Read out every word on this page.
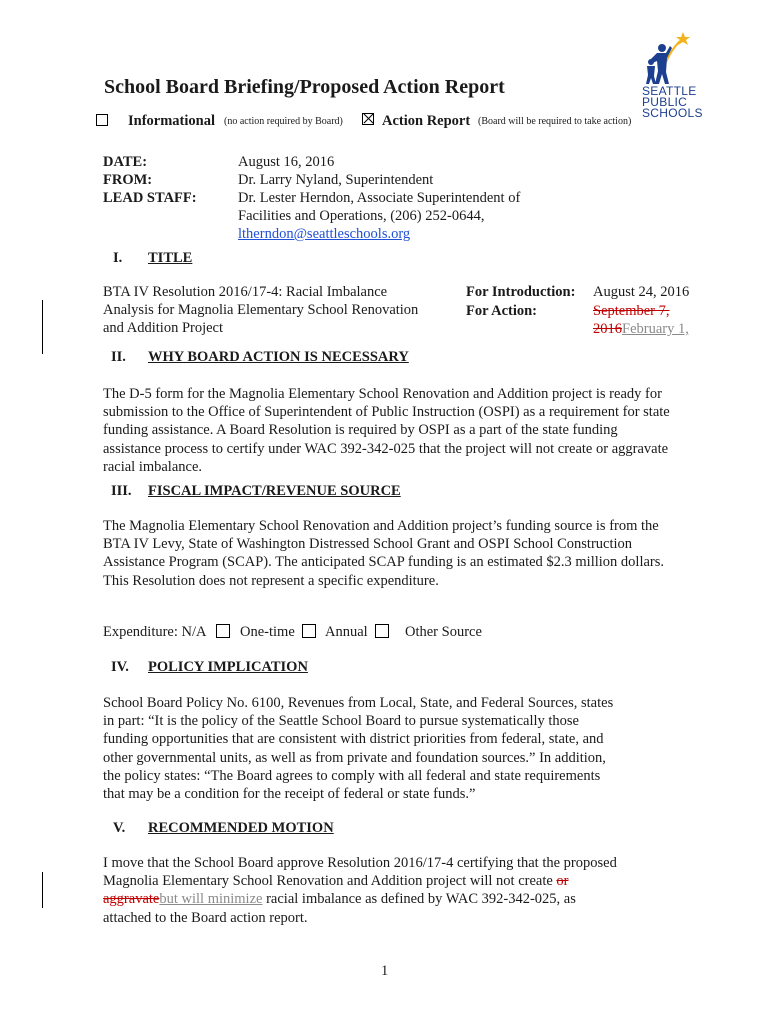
SEATTLE
PUBLIC
SCHOOLS
School Board Briefing/Proposed Action Report
Informational (no action required by Board)	Action Report (Board will be required to take action)
DATE:	August 16, 2016
FROM:	Dr. Larry Nyland, Superintendent
LEAD STAFF:	Dr. Lester Herndon, Associate Superintendent of
Facilities and Operations, (206) 252-0644,
ltherndon@seattleschools.org
I. TITLE
BTA IV Resolution 2016/17-4: Racial Imbalance
Analysis for Magnolia Elementary School Renovation
and Addition Project
For Introduction: August 24, 2016
For Action:	September 7,
2016February 1,
II. WHY BOARD ACTION IS NECESSARY
The D-5 form for the Magnolia Elementary School Renovation and Addition project is ready for
submission to the Office of Superintendent of Public Instruction (OSPI) as a requirement for state
funding assistance. A Board Resolution is required by OSPI as a part of the state funding
assistance process to certify under WAC 392-342-025 that the project will not create or aggravate
racial imbalance.
III. FISCAL IMPACT/REVENUE SOURCE
The Magnolia Elementary School Renovation and Addition project’s funding source is from the
BTA IV Levy, State of Washington Distressed School Grant and OSPI School Construction
Assistance Program (SCAP). The anticipated SCAP funding is an estimated $2.3 million dollars.
This Resolution does not represent a specific expenditure.
Expenditure: N/A One-time Annual	Other Source
IV. POLICY IMPLICATION
School Board Policy No. 6100, Revenues from Local, State, and Federal Sources, states
in part: “It is the policy of the Seattle School Board to pursue systematically those
funding opportunities that are consistent with district priorities from federal, state, and
other governmental units, as well as from private and foundation sources.” In addition,
the policy states: “The Board agrees to comply with all federal and state requirements
that may be a condition for the receipt of federal or state funds.”
V. RECOMMENDED MOTION
I move that the School Board approve Resolution 2016/17-4 certifying that the proposed
Magnolia Elementary School Renovation and Addition project will not create or
aggravatebut will minimize racial imbalance as defined by WAC 392-342-025, as
attached to the Board action report.
1
